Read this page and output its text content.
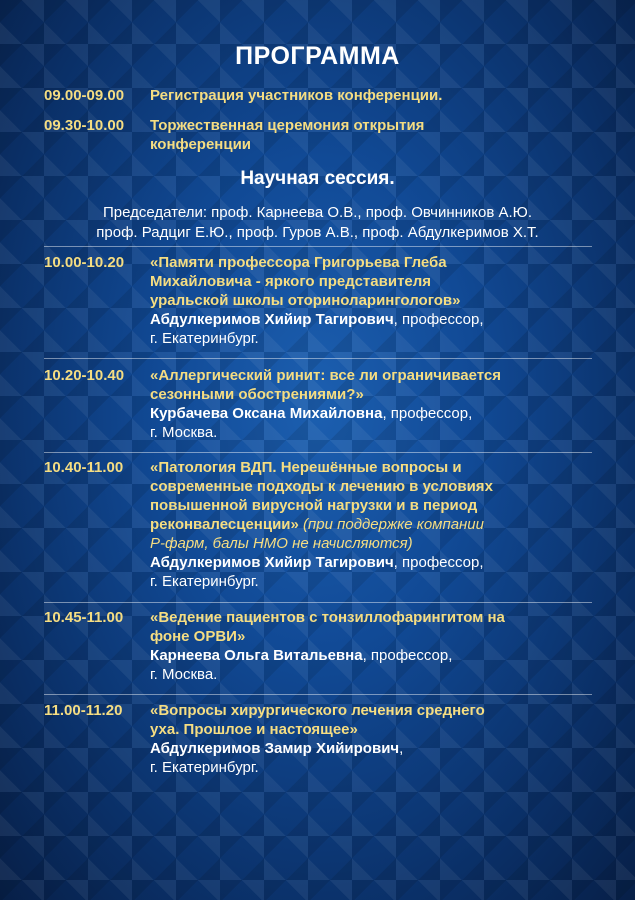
ПРОГРАММА
09.00-09.00	Регистрация участников конференции.
09.30-10.00	Торжественная церемония открытия
конференции
Научная сессия.
Председатели: проф. Карнеева О.В., проф. Овчинников А.Ю.
проф. Радциг Е.Ю., проф. Гуров А.В., проф. Абдулкеримов Х.Т.
10.00-10.20	«Памяти профессора Григорьева Глеба
Михайловича - яркого представителя
уральской школы оториноларингологов»
Абдулкеримов Хийир Тагирович, профессор,
г. Екатеринбург.
10.20-10.40	«Аллергический ринит: все ли ограничивается
сезонными обострениями?»
Курбачева Оксана Михайловна, профессор,
г. Москва.
10.40-11.00	«Патология ВДП. Нерешённые вопросы и
современные подходы к лечению в условиях
повышенной вирусной нагрузки и в период
реконвалесценции» (при поддержке компании
Р-фарм, балы НМО не начисляются)
Абдулкеримов Хийир Тагирович, профессор,
г. Екатеринбург.
10.45-11.00	«Ведение пациентов с тонзиллофарингитом на
фоне ОРВИ»
Карнеева Ольга Витальевна, профессор,
г. Москва.
11.00-11.20	«Вопросы хирургического лечения среднего
уха. Прошлое и настоящее»
Абдулкеримов Замир Хийирович,
г. Екатеринбург.
